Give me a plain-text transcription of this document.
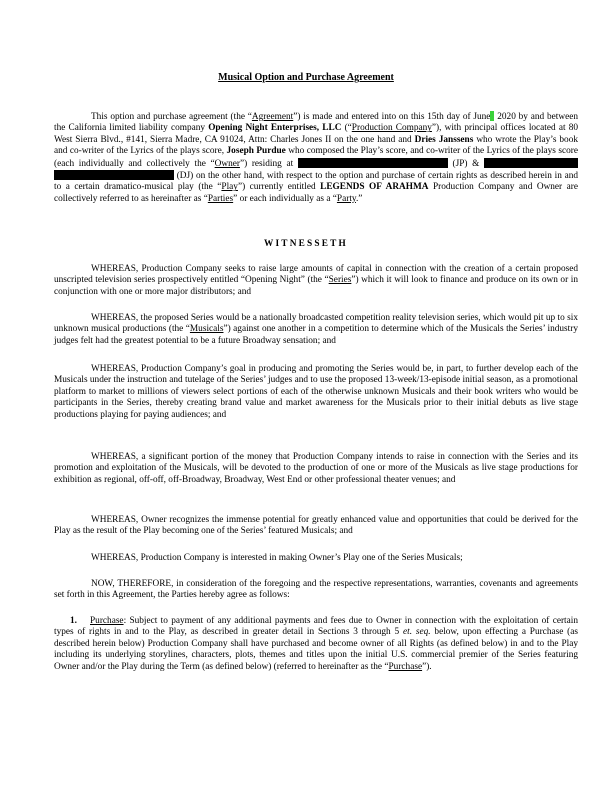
Musical Option and Purchase Agreement

This option and purchase agreement (the “Agreement”) is made and entered into on this 15th day of June 2020 by and between the California limited liability company Opening Night Enterprises, LLC (“Production Company”), with principal offices located at 80 West Sierra Blvd., #141, Sierra Madre, CA 91024, Attn: Charles Jones II on the one hand and Dries Janssens who wrote the Play’s book and co-writer of the Lyrics of the plays score, Joseph Purdue who composed the Play’s score, and co-writer of the Lyrics of the plays score (each individually and collectively the “Owner”) residing at	(JP) &   (DJ) on the other hand, with respect to the option and purchase of certain rights as described herein in and to a certain dramatico-musical play (the “Play”) currently entitled LEGENDS OF ARAHMA Production Company and Owner are collectively referred to as hereinafter as “Parties” or each individually as a “Party.”

WITNESSETH

WHEREAS, Production Company seeks to raise large amounts of capital in connection with the creation of a certain proposed unscripted television series prospectively entitled “Opening Night” (the “Series”) which it will look to finance and produce on its own or in conjunction with one or more major distributors; and

WHEREAS, the proposed Series would be a nationally broadcasted competition reality television series, which would pit up to six unknown musical productions (the “Musicals”) against one another in a competition to determine which of the Musicals the Series’ industry judges felt had the greatest potential to be a future Broadway sensation; and

WHEREAS, Production Company’s goal in producing and promoting the Series would be, in part, to further develop each of the Musicals under the instruction and tutelage of the Series’ judges and to use the proposed 13-week/13-episode initial season, as a promotional platform to market to millions of viewers select portions of each of the otherwise unknown Musicals and their book writers who would be participants in the Series, thereby creating brand value and market awareness for the Musicals prior to their initial debuts as live stage productions playing for paying audiences; and

WHEREAS, a significant portion of the money that Production Company intends to raise in connection with the Series and its promotion and exploitation of the Musicals, will be devoted to the production of one or more of the Musicals as live stage productions for exhibition as regional, off-off, off-Broadway, Broadway, West End or other professional theater venues; and

WHEREAS, Owner recognizes the immense potential for greatly enhanced value and opportunities that could be derived for the Play as the result of the Play becoming one of the Series’ featured Musicals; and

WHEREAS, Production Company is interested in making Owner’s Play one of the Series Musicals;

NOW, THEREFORE, in consideration of the foregoing and the respective representations, warranties, covenants and agreements set forth in this Agreement, the Parties hereby agree as follows:

1. Purchase: Subject to payment of any additional payments and fees due to Owner in connection with the exploitation of certain types of rights in and to the Play, as described in greater detail in Sections 3 through 5 et. seq. below, upon effecting a Purchase (as described herein below) Production Company shall have purchased and become owner of all Rights (as defined below) in and to the Play including its underlying storylines, characters, plots, themes and titles upon the initial U.S. commercial premier of the Series featuring Owner and/or the Play during the Term (as defined below) (referred to hereinafter as the “Purchase”).
